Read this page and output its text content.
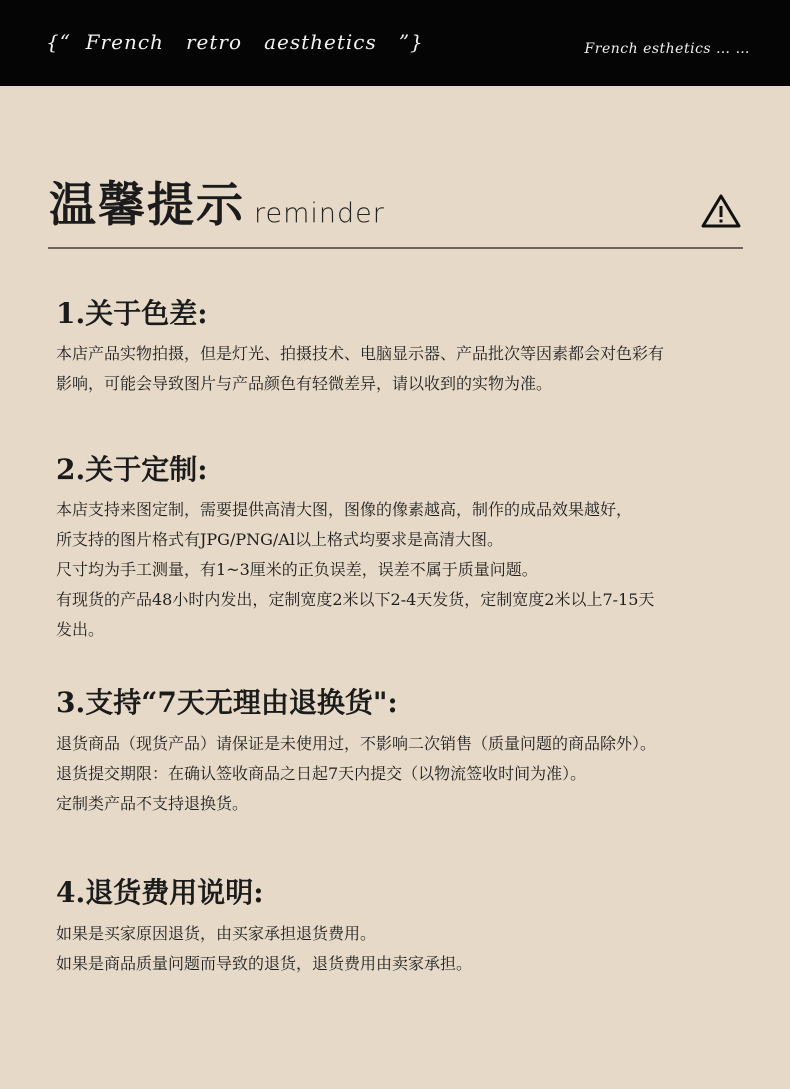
{“  French   retro   aesthetics   ”}	French esthetics … …
温馨提示 reminder
1.关于色差:
本店产品实物拍摄，但是灯光、拍摄技术、电脑显示器、产品批次等因素都会对色彩有
影响，可能会导致图片与产品颜色有轻微差异，请以收到的实物为准。
2.关于定制:
本店支持来图定制，需要提供高清大图，图像的像素越高，制作的成品效果越好，
所支持的图片格式有JPG/PNG/Al以上格式均要求是高清大图。
尺寸均为手工测量，有1~3厘米的正负误差，误差不属于质量问题。
有现货的产品48小时内发出，定制宽度2米以下2-4天发货，定制宽度2米以上7-15天
发出。
3.支持“7天无理由退换货":
退货商品（现货产品）请保证是未使用过，不影响二次销售（质量问题的商品除外）。
退货提交期限：在确认签收商品之日起7天内提交（以物流签收时间为准）。
定制类产品不支持退换货。
4.退货费用说明:
如果是买家原因退货，由买家承担退货费用。
如果是商品质量问题而导致的退货，退货费用由卖家承担。
